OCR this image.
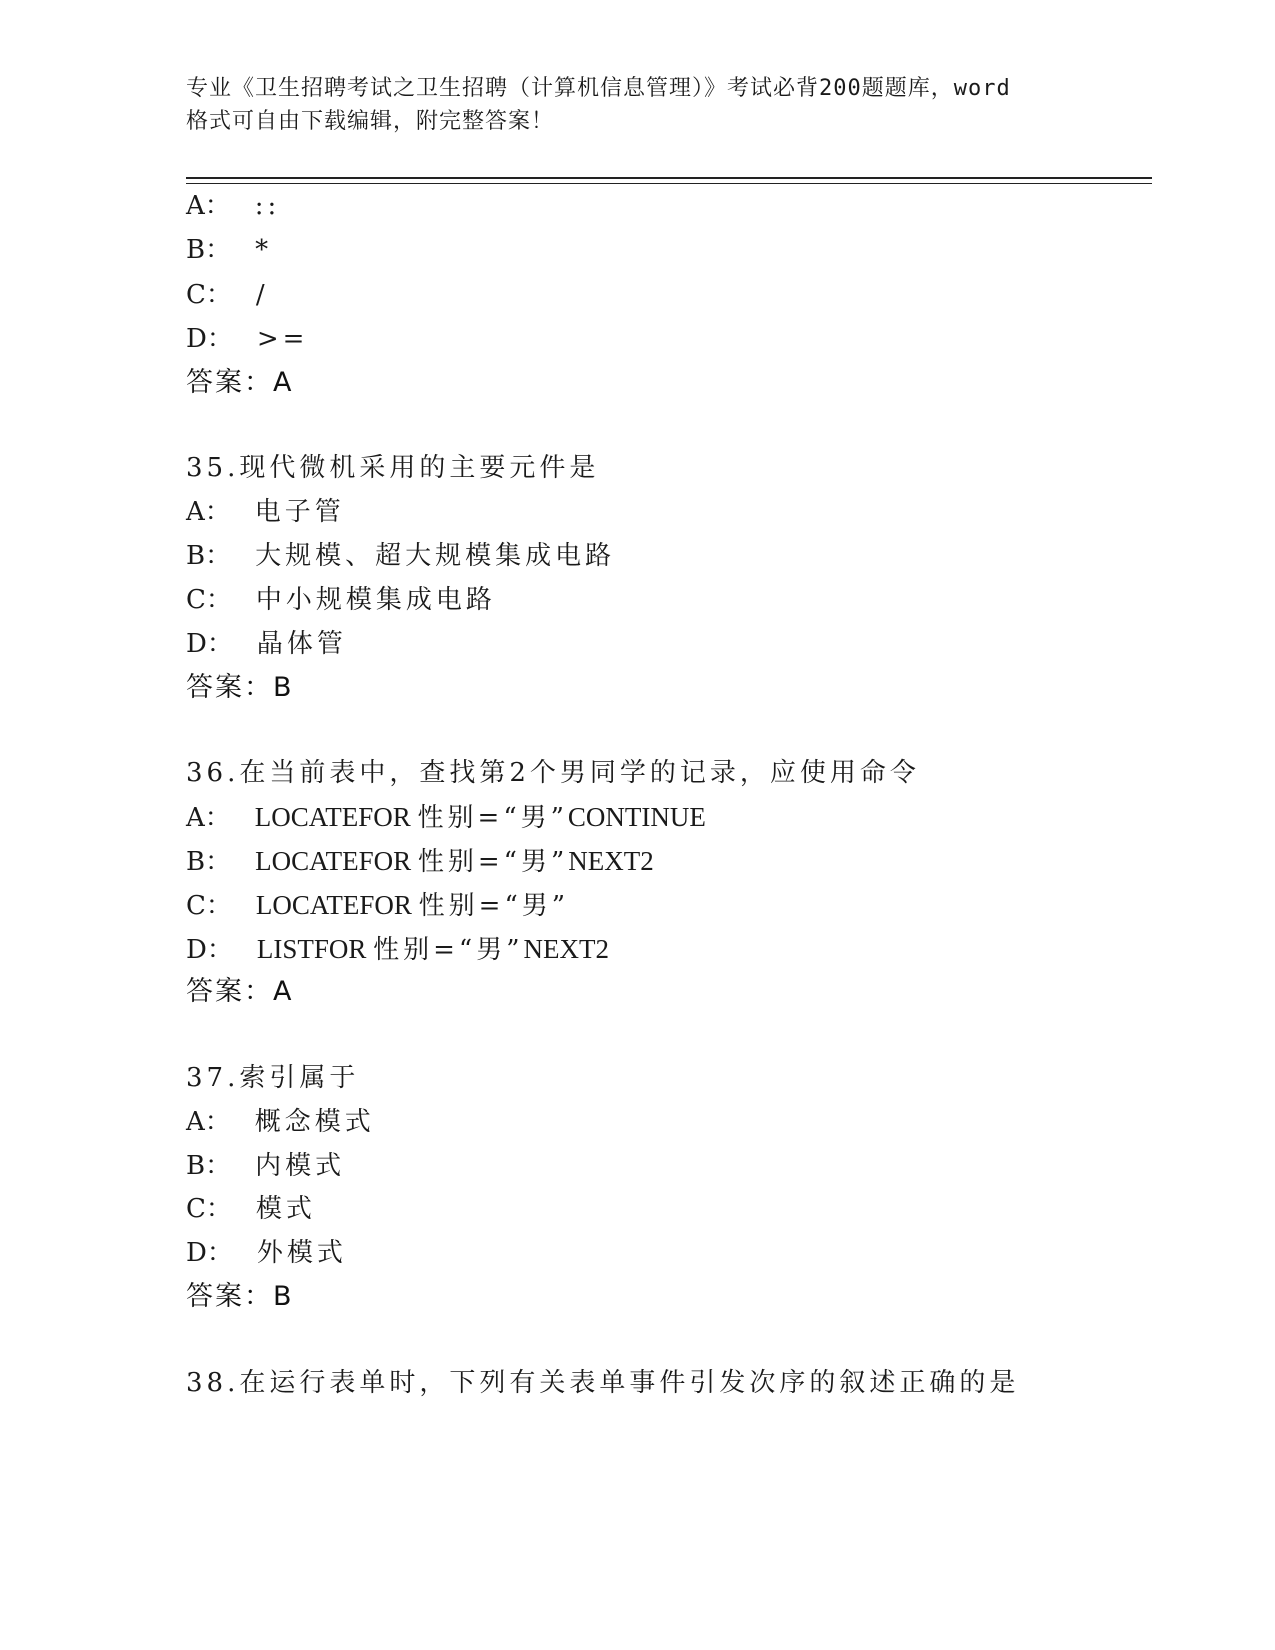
专业《卫生招聘考试之卫生招聘（计算机信息管理）》考试必背200题题库，word
格式可自由下载编辑，附完整答案！
A： ::
B： *
C： /
D： >=
答案：A
35.现代微机采用的主要元件是
A： 电子管
B： 大规模、超大规模集成电路
C： 中小规模集成电路
D： 晶体管
答案：B
36.在当前表中，查找第2个男同学的记录，应使用命令
A： LOCATEFOR 性别=“男”CONTINUE
B： LOCATEFOR 性别=“男”NEXT2
C： LOCATEFOR 性别=“男”
D： LISTFOR 性别=“男”NEXT2
答案：A
37.索引属于
A： 概念模式
B： 内模式
C： 模式
D： 外模式
答案：B
38.在运行表单时，下列有关表单事件引发次序的叙述正确的是
